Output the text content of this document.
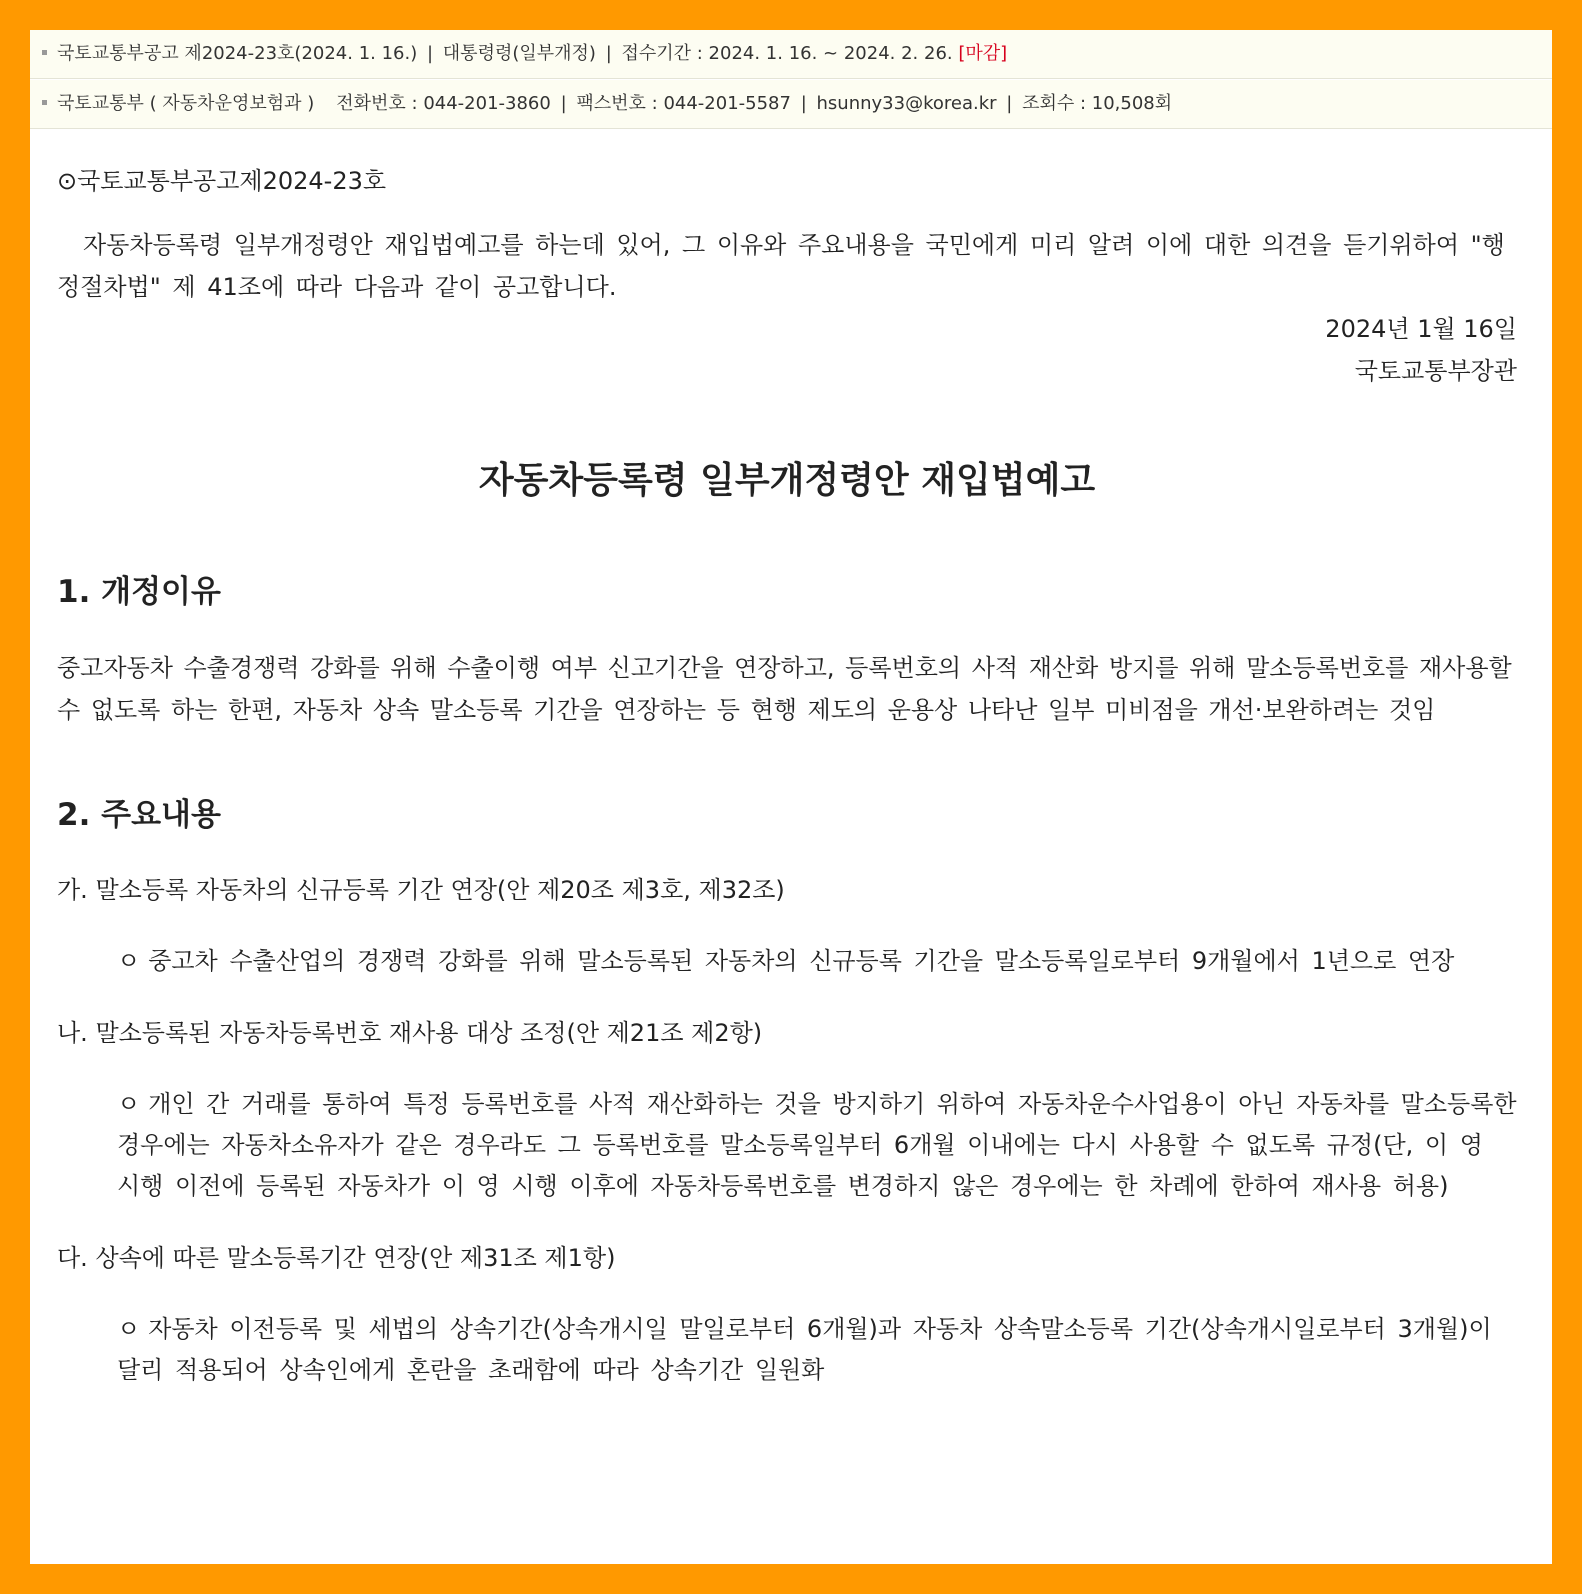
국토교통부공고 제2024-23호(2024. 1. 16.) | 대통령령(일부개정) | 접수기간 : 2024. 1. 16. ~ 2024. 2. 26. [마감]
국토교통부 ( 자동차운영보험과 ) 전화번호 : 044-201-3860 | 팩스번호 : 044-201-5587 | hsunny33@korea.kr | 조회수 : 10,508회

⊙국토교통부공고제2024-23호

자동차등록령 일부개정령안 재입법예고를 하는데 있어, 그 이유와 주요내용을 국민에게 미리 알려 이에 대한 의견을 듣기위하여 "행정절차법" 제 41조에 따라 다음과 같이 공고합니다.

2024년 1월 16일

국토교통부장관

자동차등록령 일부개정령안 재입법예고
1. 개정이유

중고자동차 수출경쟁력 강화를 위해 수출이행 여부 신고기간을 연장하고, 등록번호의 사적 재산화 방지를 위해 말소등록번호를 재사용할 수 없도록 하는 한편, 자동차 상속 말소등록 기간을 연장하는 등 현행 제도의 운용상 나타난 일부 미비점을 개선·보완하려는 것임

2. 주요내용

가. 말소등록 자동차의 신규등록 기간 연장(안 제20조 제3호, 제32조)

ㅇ 중고차 수출산업의 경쟁력 강화를 위해 말소등록된 자동차의 신규등록 기간을 말소등록일로부터 9개월에서 1년으로 연장

나. 말소등록된 자동차등록번호 재사용 대상 조정(안 제21조 제2항)

ㅇ 개인 간 거래를 통하여 특정 등록번호를 사적 재산화하는 것을 방지하기 위하여 자동차운수사업용이 아닌 자동차를 말소등록한 경우에는 자동차소유자가 같은 경우라도 그 등록번호를 말소등록일부터 6개월 이내에는 다시 사용할 수 없도록 규정(단, 이 영 시행 이전에 등록된 자동차가 이 영 시행 이후에 자동차등록번호를 변경하지 않은 경우에는 한 차례에 한하여 재사용 허용)

다. 상속에 따른 말소등록기간 연장(안 제31조 제1항)

ㅇ 자동차 이전등록 및 세법의 상속기간(상속개시일 말일로부터 6개월)과 자동차 상속말소등록 기간(상속개시일로부터 3개월)이 달리 적용되어 상속인에게 혼란을 초래함에 따라 상속기간 일원화
